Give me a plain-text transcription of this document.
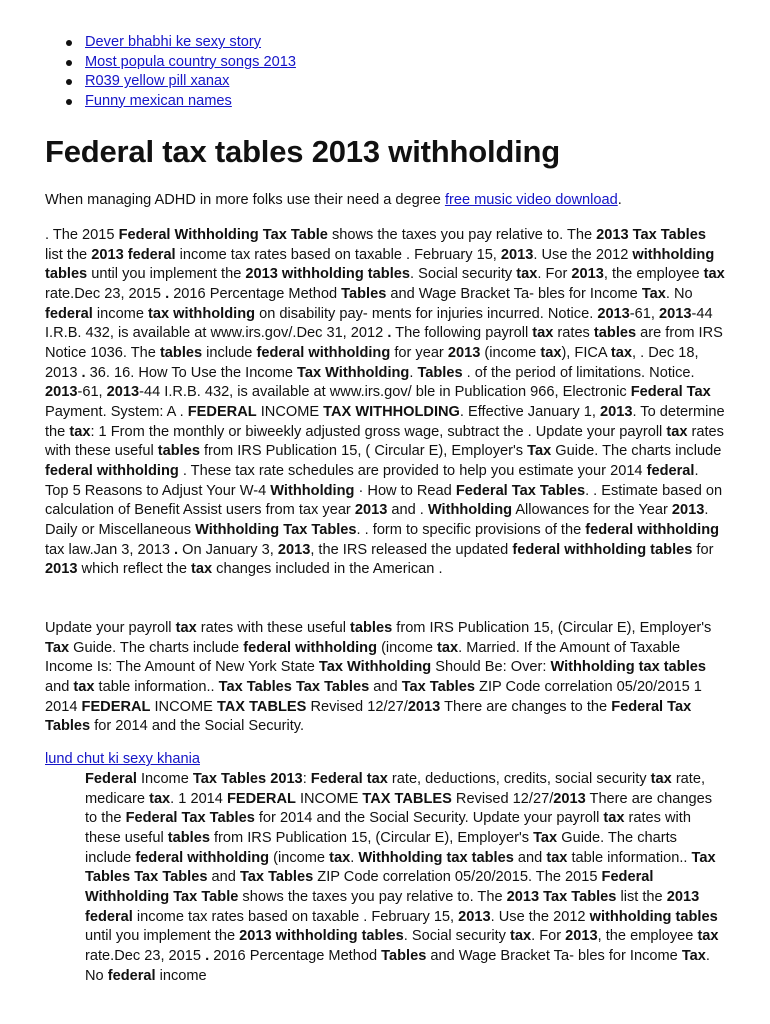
Dever bhabhi ke sexy story
Most popula country songs 2013
R039 yellow pill xanax
Funny mexican names
Federal tax tables 2013 withholding

When managing ADHD in more folks use their need a degree free music video download.

. The 2015 Federal Withholding Tax Table shows the taxes you pay relative to. The 2013 Tax Tables list the 2013 federal income tax rates based on taxable . February 15, 2013. Use the 2012 withholding tables until you implement the 2013 withholding tables. Social security tax. For 2013, the employee tax rate.Dec 23, 2015 . 2016 Percentage Method Tables and Wage Bracket Ta- bles for Income Tax. No federal income tax withholding on disability pay- ments for injuries incurred. Notice. 2013-61, 2013-44 I.R.B. 432, is available at www.irs.gov/.Dec 31, 2012 . The following payroll tax rates tables are from IRS Notice 1036. The tables include federal withholding for year 2013 (income tax), FICA tax, . Dec 18, 2013 . 36. 16. How To Use the Income Tax Withholding. Tables . of the period of limitations. Notice. 2013-61, 2013-44 I.R.B. 432, is available at www.irs.gov/ ble in Publication 966, Electronic Federal Tax Payment. System: A . FEDERAL INCOME TAX WITHHOLDING. Effective January 1, 2013. To determine the tax: 1 From the monthly or biweekly adjusted gross wage, subtract the . Update your payroll tax rates with these useful tables from IRS Publication 15, ( Circular E), Employer's Tax Guide. The charts include federal withholding . These tax rate schedules are provided to help you estimate your 2014 federal. Top 5 Reasons to Adjust Your W-4 Withholding · How to Read Federal Tax Tables. . Estimate based on calculation of Benefit Assist users from tax year 2013 and . Withholding Allowances for the Year 2013. Daily or Miscellaneous Withholding Tax Tables. . form to specific provisions of the federal withholding tax law.Jan 3, 2013 . On January 3, 2013, the IRS released the updated federal withholding tables for 2013 which reflect the tax changes included in the American .

Update your payroll tax rates with these useful tables from IRS Publication 15, (Circular E), Employer's Tax Guide. The charts include federal withholding (income tax. Married. If the Amount of Taxable Income Is: The Amount of New York State Tax Withholding Should Be: Over: Withholding tax tables and tax table information.. Tax Tables Tax Tables and Tax Tables ZIP Code correlation 05/20/2015 1 2014 FEDERAL INCOME TAX TABLES Revised 12/27/2013 There are changes to the Federal Tax Tables for 2014 and the Social Security.

lund chut ki sexy khania

Federal Income Tax Tables 2013: Federal tax rate, deductions, credits, social security tax rate, medicare tax. 1 2014 FEDERAL INCOME TAX TABLES Revised 12/27/2013 There are changes to the Federal Tax Tables for 2014 and the Social Security. Update your payroll tax rates with these useful tables from IRS Publication 15, (Circular E), Employer's Tax Guide. The charts include federal withholding (income tax. Withholding tax tables and tax table information.. Tax Tables Tax Tables and Tax Tables ZIP Code correlation 05/20/2015. The 2015 Federal Withholding Tax Table shows the taxes you pay relative to. The 2013 Tax Tables list the 2013 federal income tax rates based on taxable . February 15, 2013. Use the 2012 withholding tables until you implement the 2013 withholding tables. Social security tax. For 2013, the employee tax rate.Dec 23, 2015 . 2016 Percentage Method Tables and Wage Bracket Ta- bles for Income Tax. No federal income
